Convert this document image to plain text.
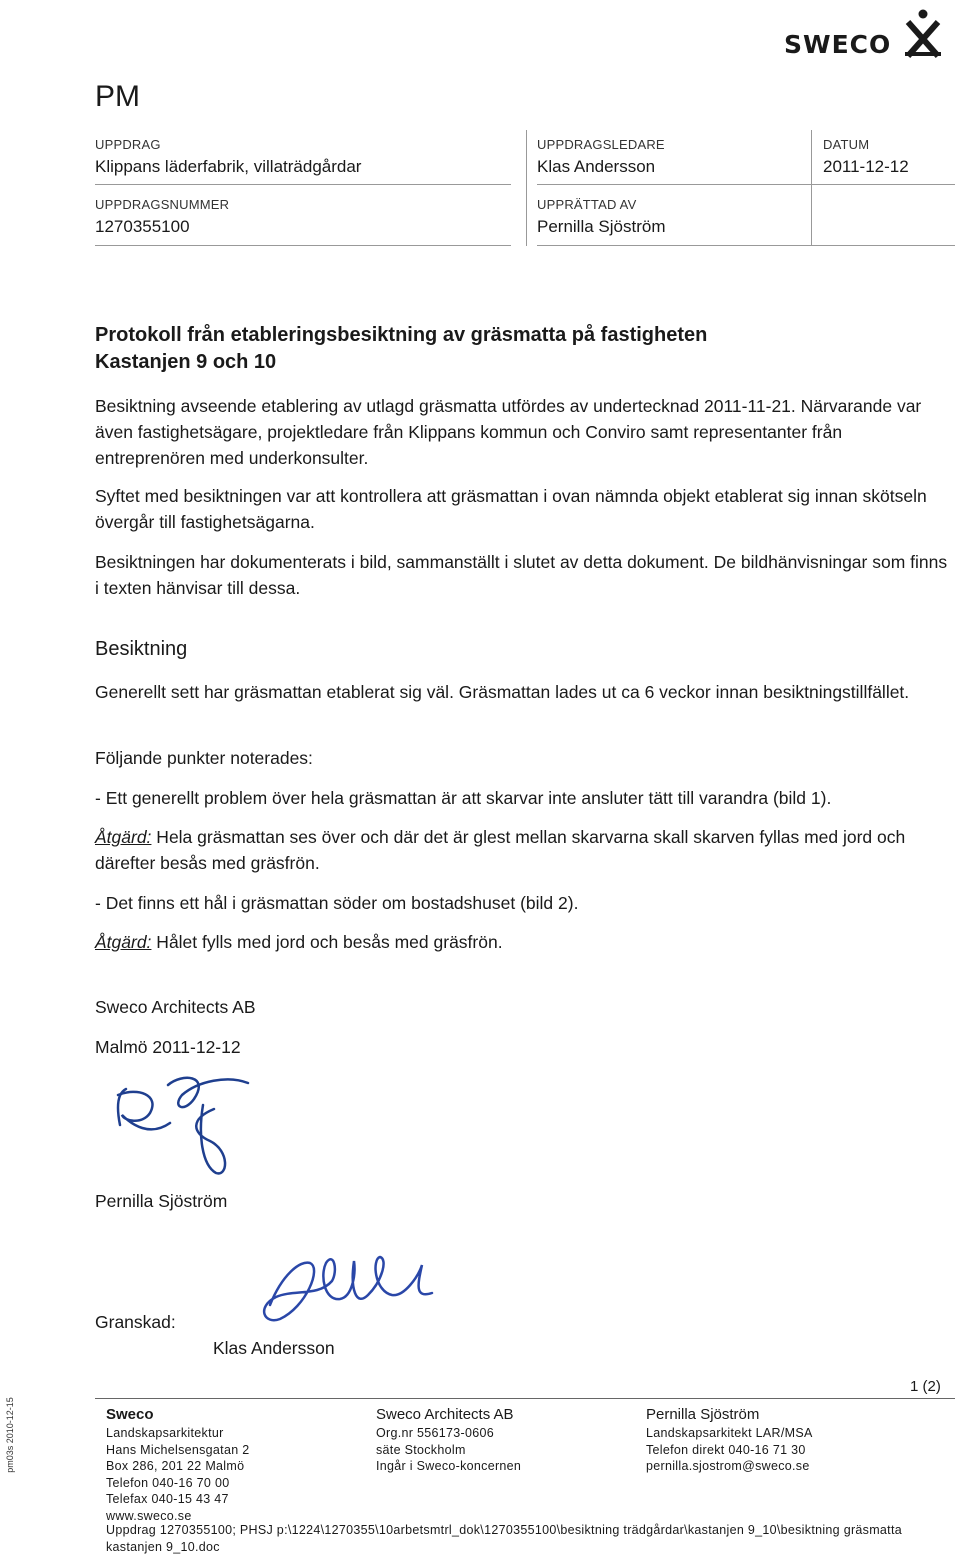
SWECO
PM
UPPDRAG
Klippans läderfabrik, villaträdgårdar
UPPDRAGSLEDARE
Klas Andersson
DATUM
2011-12-12
UPPDRAGSNUMMER
1270355100
UPPRÄTTAD AV
Pernilla Sjöström
Protokoll från etableringsbesiktning av gräsmatta på fastigheten
Kastanjen 9 och 10
Besiktning avseende etablering av utlagd gräsmatta utfördes av undertecknad 2011-11-21. Närvarande var även fastighetsägare, projektledare från Klippans kommun och Conviro samt representanter från entreprenören med underkonsulter.
Syftet med besiktningen var att kontrollera att gräsmattan i ovan nämnda objekt etablerat sig innan skötseln övergår till fastighetsägarna.
Besiktningen har dokumenterats i bild, sammanställt i slutet av detta dokument. De bildhänvisningar som finns i texten hänvisar till dessa.
Besiktning
Generellt sett har gräsmattan etablerat sig väl. Gräsmattan lades ut ca 6 veckor innan besiktningstillfället.
Följande punkter noterades:
- Ett generellt problem över hela gräsmattan är att skarvar inte ansluter tätt till varandra (bild 1).
Åtgärd: Hela gräsmattan ses över och där det är glest mellan skarvarna skall skarven fyllas med jord och därefter besås med gräsfrön.
- Det finns ett hål i gräsmattan söder om bostadshuset (bild 2).
Åtgärd: Hålet fylls med jord och besås med gräsfrön.
Sweco Architects AB
Malmö 2011-12-12
Pernilla Sjöström
Granskad:
Klas Andersson
1 (2)
Sweco
Landskapsarkitektur
Hans Michelsensgatan 2
Box 286, 201 22 Malmö
Telefon 040-16 70 00
Telefax 040-15 43 47
www.sweco.se
Sweco Architects AB
Org.nr 556173-0606
säte Stockholm
Ingår i Sweco-koncernen
Pernilla Sjöström
Landskapsarkitekt LAR/MSA
Telefon direkt 040-16 71 30
pernilla.sjostrom@sweco.se
Uppdrag 1270355100; PHSJ p:\1224\1270355\10arbetsmtrl_dok\1270355100\besiktning trädgårdar\kastanjen 9_10\besiktning gräsmatta
kastanjen 9_10.doc
pm03s 2010-12-15
